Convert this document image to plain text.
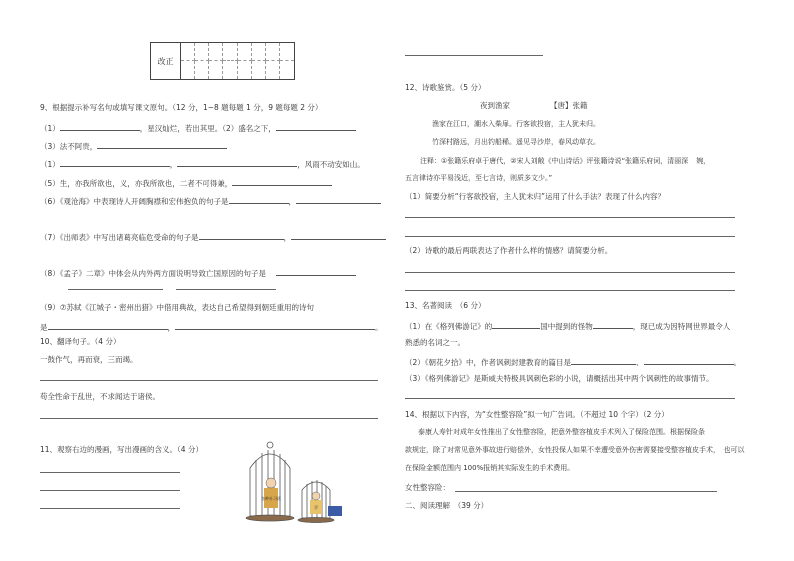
改正
9、根据提示补写名句或填写课文原句。（12 分，1~8 题每题 1 分，9 题每题 2 分）
（1）	，星汉灿烂，若出其里。（2）盛名之下，
（3）法不阿贵，
（1）	，	，风雨不动安如山。
（5）生，亦我所欲也，义，亦我所欲也，二者不可得兼，
（6）《观沧海》中表现诗人开阔胸襟和宏伟抱负的句子是	，
（7）《出师表》中写出诸葛亮临危受命的句子是	，
（8）《孟子》二章》中体会从内外两方面说明导致亡国原因的句子是
（9）⑦苏轼《江城子・密州出猎》中借用典故，表达自己希望得到朝廷重用的诗句
是	，	。
10、翻译句子。（4 分）
一鼓作气，再而衰，三而竭。
苟全性命于乱世，不求闻达于诸侯。
11、观察右边的漫画，写出漫画的含义。（4 分）
各种补习班
学
12、诗歌鉴赏。（5 分）
夜到渔家	【唐】张籍
渔家在江口，潮水入柴扉。行客欲投宿，主人犹未归。
竹深村路远，月出钓船稀。遥见寻沙岸，春风动草衣。
注释：①张籍乐府卓于唐代，②宋人刘敞《中山诗话》评张籍诗说“张籍乐府词，清丽深 婉，
五言律诗亦平易浅近，至七言诗，则质多文少。”
（1）简要分析“行客欲投宿，主人犹未归”运用了什么手法？表现了什么内容？
（2）诗歌的最后两联表达了作者什么样的情感？请简要分析。
13、名著阅读　（6 分）
（1）在《格列佛游记》的	国中提到的怪物	，现已成为因特网世界最令人
熟悉的名词之一。
（2）《朝花夕拾》中，作者讽刺封建教育的篇目是	、	。
（3）《格列佛游记》是斯威夫特极具讽刺色彩的小说，请概括出其中两个讽刺性的故事情节。
14、根据以下内容，为“女性整容险”拟一句广告词。（不超过 10 个字）（2 分）
泰康人寿针对成年女性推出了女性整容险，把意外整容植皮手术列入了保险范围。根据保险条
款规定，除了对常见意外事故进行赔偿外，女性投保人如果不幸遭受意外伤害需要接受整容植皮手术，　也可以
在保险金额范围内 100%报销其实际发生的手术费用。
女性整容险：
二、阅读理解　（39 分）
